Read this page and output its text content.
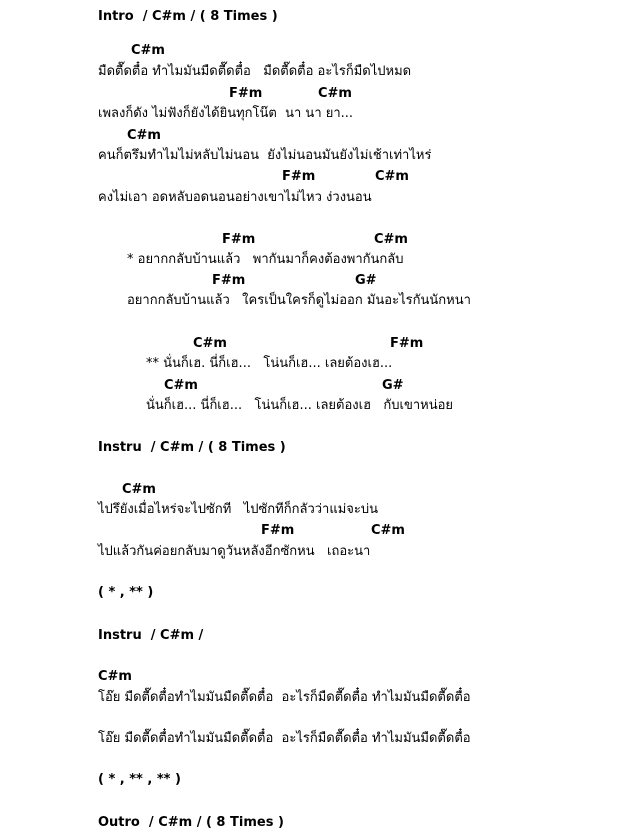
Intro  / C#m / ( 8 Times )
C#m
มืดตื๊ดตื๋อ ทำไมมันมืดตื๊ดตื๋อ   มืดตื๊ดตื๋อ อะไรก็มืดไปหมด
F#m	C#m
เพลงก็ดัง ไม่ฟังก็ยังได้ยินทุกโน๊ต  นา นา ยา...
C#m
คนก็ตรึมทำไมไม่หลับไม่นอน  ยังไม่นอนมันยังไม่เช้าเท่าไหร่
F#m	C#m
คงไม่เอา อดหลับอดนอนอย่างเขาไม่ไหว ง่วงนอน
F#m	C#m
* อยากกลับบ้านแล้ว   พากันมาก็คงต้องพากันกลับ
F#m	G#
อยากกลับบ้านแล้ว   ใครเป็นใครก็ดูไม่ออก มันอะไรกันนักหนา
C#m	F#m
** นั่นก็เฮ. นี่ก็เฮ...   โน่นก็เฮ... เลยต้องเฮ...
C#m	G#
นั่นก็เฮ... นี่ก็เฮ...   โน่นก็เฮ... เลยต้องเฮ   กับเขาหน่อย
Instru  / C#m / ( 8 Times )
C#m
ไปรึยังเมื่อไหร่จะไปซักที   ไปซักทีก็กลัวว่าแม่จะบ่น
F#m	C#m
ไปแล้วกันค่อยกลับมาดูวันหลังอีกซักหน   เถอะนา
( * , ** )
Instru  / C#m /
C#m
โอ๊ย มืดตื๊ดตื๋อทำไมมันมืดตื๊ดตื๋อ  อะไรก็มืดตื๊ดตื๋อ ทำไมมันมืดตื๊ดตื๋อ
โอ๊ย มืดตื๊ดตื๋อทำไมมันมืดตื๊ดตื๋อ  อะไรก็มืดตื๊ดตื๋อ ทำไมมันมืดตื๊ดตื๋อ
( * , ** , ** )
Outro  / C#m / ( 8 Times )
